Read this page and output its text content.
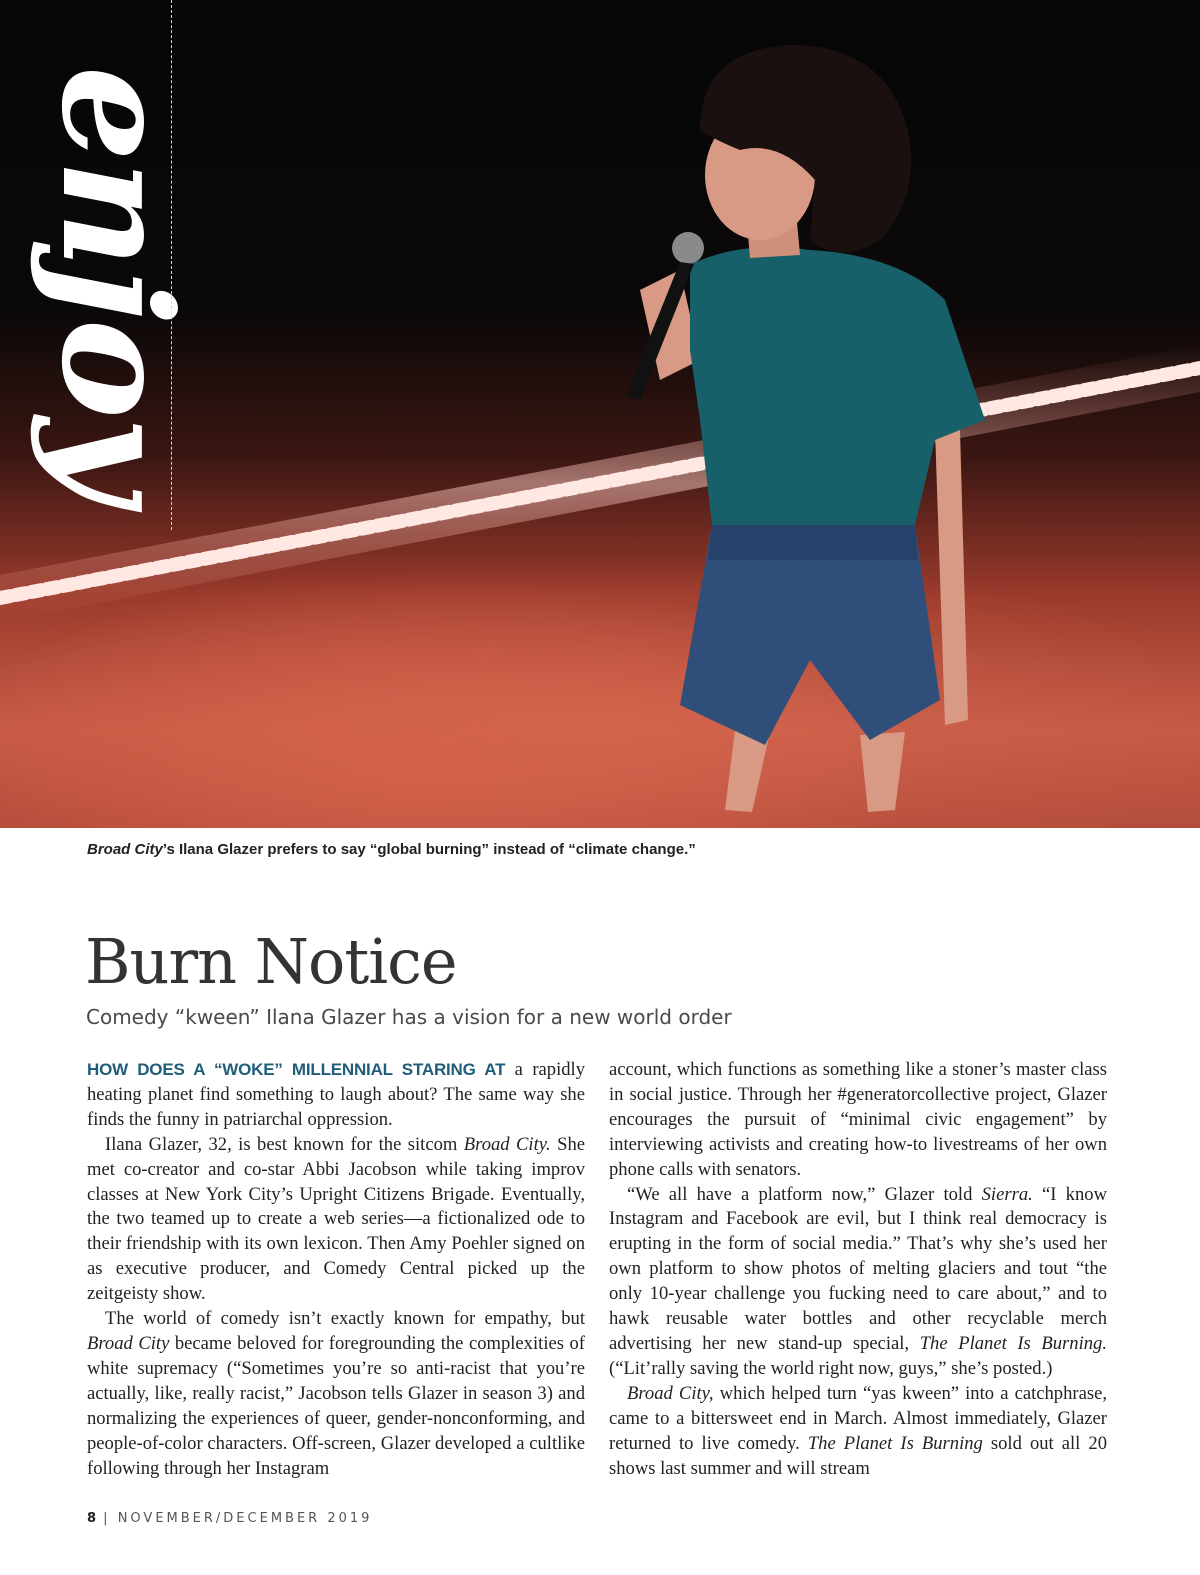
enjoy
Broad City’s Ilana Glazer prefers to say “global burning” instead of “climate change.”
Burn Notice

Comedy “kween” Ilana Glazer has a vision for a new world order

HOW DOES A “WOKE” MILLENNIAL STARING AT a rapidly heating planet find something to laugh about? The same way she finds the funny in patriarchal oppression.

Ilana Glazer, 32, is best known for the sitcom Broad City. She met co-creator and co-star Abbi Jacobson while taking improv classes at New York City’s Upright Citizens Brigade. Eventually, the two teamed up to create a web series—a fictionalized ode to their friendship with its own lexicon. Then Amy Poehler signed on as executive producer, and Comedy Central picked up the zeitgeisty show.

The world of comedy isn’t exactly known for empathy, but Broad City became beloved for foregrounding the complexities of white supremacy (“Sometimes you’re so anti-racist that you’re actually, like, really racist,” Jacobson tells Glazer in season 3) and normalizing the experiences of queer, gender-nonconforming, and people-of-color characters. Off-screen, Glazer developed a cultlike following through her Instagram

account, which functions as something like a stoner’s master class in social justice. Through her #generatorcollective project, Glazer encourages the pursuit of “minimal civic engagement” by interviewing activists and creating how-to livestreams of her own phone calls with senators.

“We all have a platform now,” Glazer told Sierra. “I know Instagram and Facebook are evil, but I think real democracy is erupting in the form of social media.” That’s why she’s used her own platform to show photos of melting glaciers and tout “the only 10-year challenge you fucking need to care about,” and to hawk reusable water bottles and other recyclable merch advertising her new stand-up special, The Planet Is Burning. (“Lit’rally saving the world right now, guys,” she’s posted.)

Broad City, which helped turn “yas kween” into a catchphrase, came to a bittersweet end in March. Almost immediately, Glazer returned to live comedy. The Planet Is Burning sold out all 20 shows last summer and will stream

8 | NOVEMBER/DECEMBER 2019
